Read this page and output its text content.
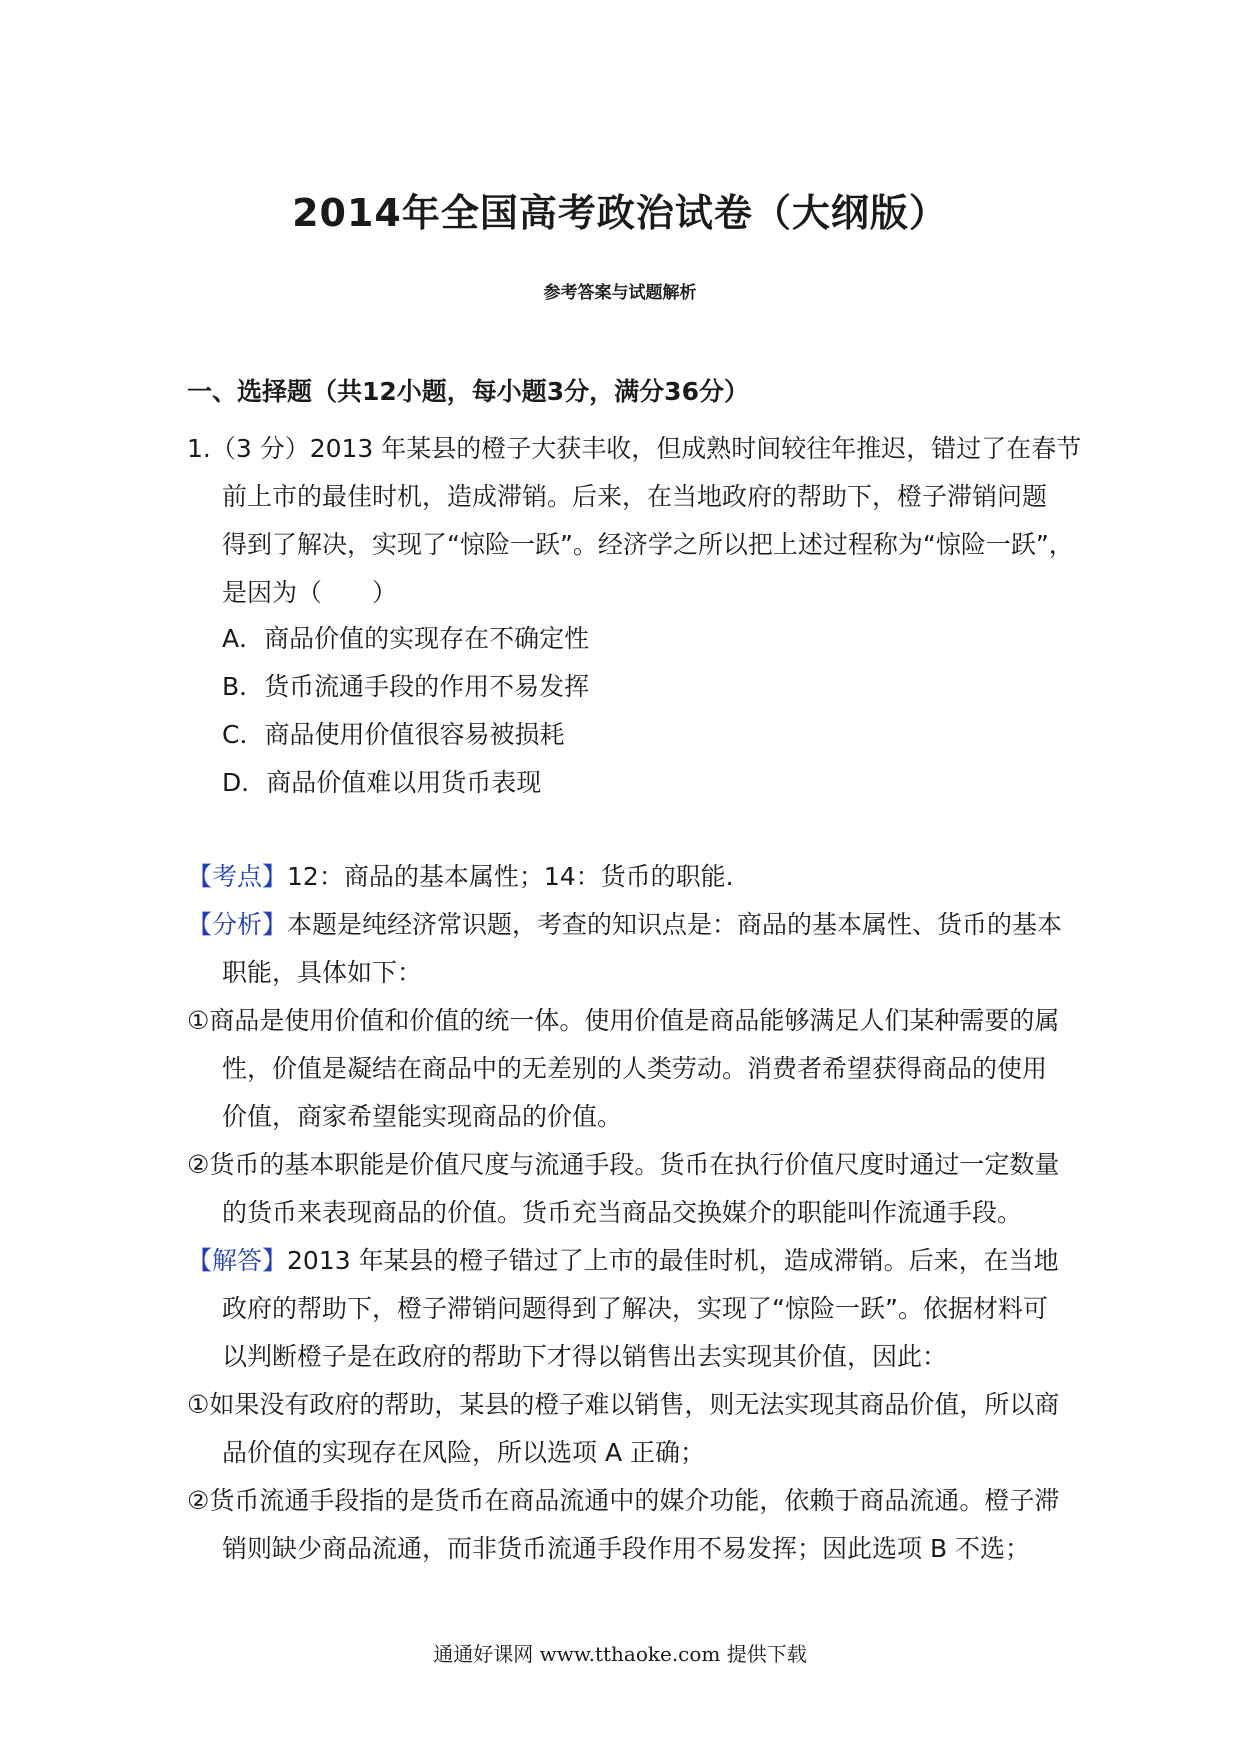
2014年全国高考政治试卷（大纲版）
参考答案与试题解析
一、选择题（共12小题，每小题3分，满分36分）
1.（3 分）2013 年某县的橙子大获丰收，但成熟时间较往年推迟，错过了在春节
前上市的最佳时机，造成滞销。后来，在当地政府的帮助下，橙子滞销问题
得到了解决，实现了“惊险一跃”。经济学之所以把上述过程称为“惊险一跃”，
是因为（　　）
A．商品价值的实现存在不确定性
B．货币流通手段的作用不易发挥
C．商品使用价值很容易被损耗
D．商品价值难以用货币表现
【考点】12：商品的基本属性；14：货币的职能.
【分析】本题是纯经济常识题，考查的知识点是：商品的基本属性、货币的基本
职能，具体如下：
①商品是使用价值和价值的统一体。使用价值是商品能够满足人们某种需要的属
性，价值是凝结在商品中的无差别的人类劳动。消费者希望获得商品的使用
价值，商家希望能实现商品的价值。
②货币的基本职能是价值尺度与流通手段。货币在执行价值尺度时通过一定数量
的货币来表现商品的价值。货币充当商品交换媒介的职能叫作流通手段。
【解答】2013 年某县的橙子错过了上市的最佳时机，造成滞销。后来，在当地
政府的帮助下，橙子滞销问题得到了解决，实现了“惊险一跃”。依据材料可
以判断橙子是在政府的帮助下才得以销售出去实现其价值，因此：
①如果没有政府的帮助，某县的橙子难以销售，则无法实现其商品价值，所以商
品价值的实现存在风险，所以选项 A 正确；
②货币流通手段指的是货币在商品流通中的媒介功能，依赖于商品流通。橙子滞
销则缺少商品流通，而非货币流通手段作用不易发挥；因此选项 B 不选；
通通好课网 www.tthaoke.com 提供下载
